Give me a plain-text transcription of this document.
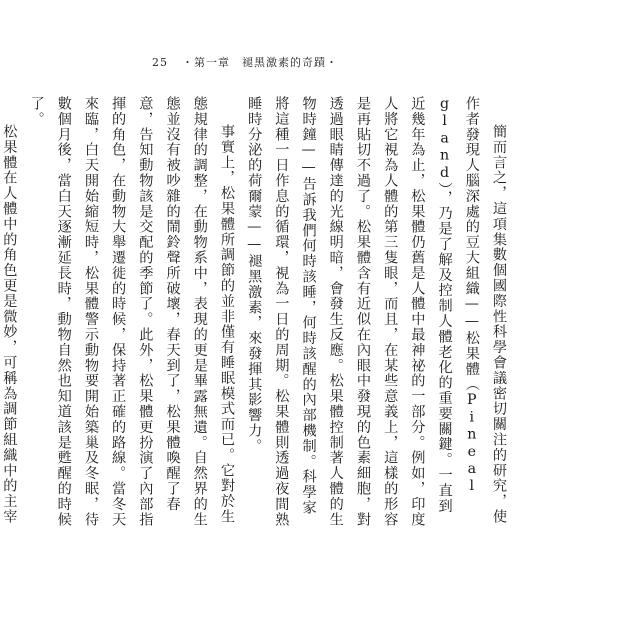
25 ・第一章　褪黑激素的奇蹟・

簡而言之，這項集數個國際性科學會議密切關注的研究，使作者發現人腦深處的豆大組織——松果體（Pineal gland），乃是了解及控制人體老化的重要關鍵。一直到近幾年為止，松果體仍舊是人體中最神祕的一部分。例如，印度人將它視為人體的第三隻眼，而且，在某些意義上，這樣的形容是再貼切不過了。松果體含有近似在內眼中發現的色素細胞，對透過眼睛傳達的光線明暗，會發生反應。松果體控制著人體的生物時鐘——告訴我們何時該睡，何時該醒的內部機制。科學家將這種一日作息的循環，視為一日的周期。松果體則透過夜間熟睡時分泌的荷爾蒙——褪黑激素，來發揮其影響力。

事實上，松果體所調節的並非僅有睡眠模式而已。它對於生態規律的調整，在動物系中，表現的更是畢露無遺。自然界的生態並沒有被吵雜的鬧鈴聲所破壞，春天到了，松果體喚醒了春意，告知動物該是交配的季節了。此外，松果體更扮演了內部指揮的角色，在動物大舉遷徙的時候，保持著正確的路線。當冬天來臨，白天開始縮短時，松果體警示動物要開始築巢及冬眠，待數個月後，當白天逐漸延長時，動物自然也知道該是甦醒的時候了。

松果體在人體中的角色更是微妙，可稱為調節組織中的主宰
